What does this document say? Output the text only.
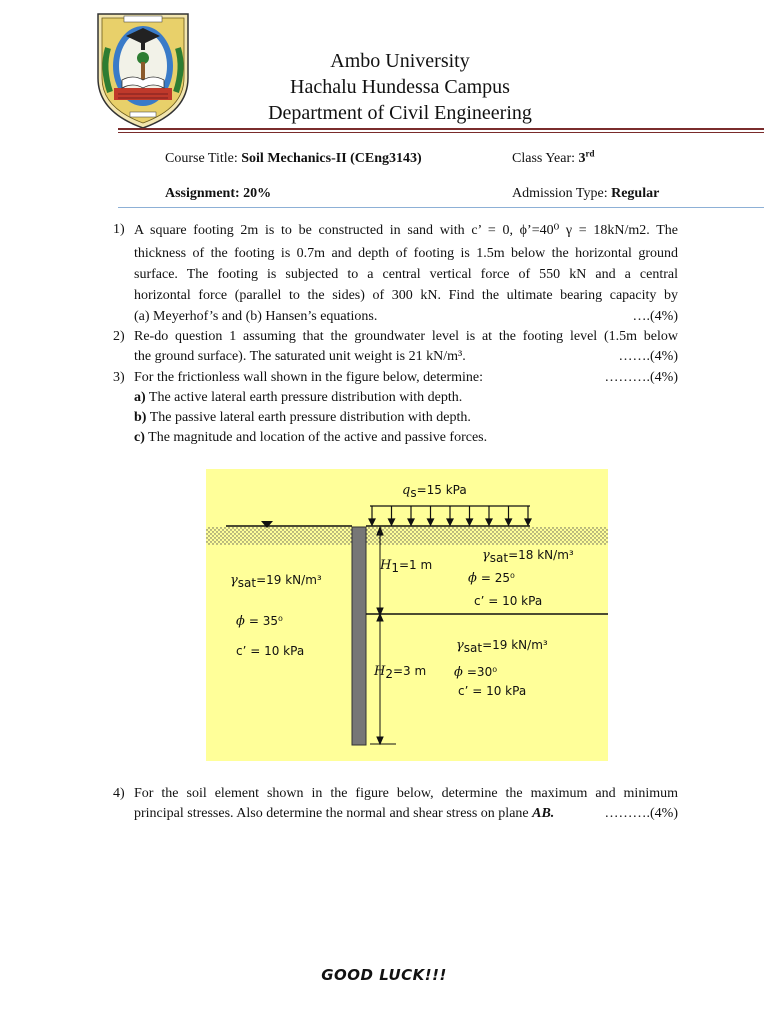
Ambo University
Hachalu Hundessa Campus
Department of Civil Engineering
Course Title: Soil Mechanics-II (CEng3143)	Class Year: 3rd
Assignment: 20%	Admission Type: Regular
1) A square footing 2m is to be constructed in sand with c’ = 0, ϕ’=40⁰ γ = 18kN/m2. The
thickness of the footing is 0.7m and depth of footing is 1.5m below the horizontal ground
surface. The footing is subjected to a central vertical force of 550 kN and a central
horizontal force (parallel to the sides) of 300 kN. Find the ultimate bearing capacity by
(a) Meyerhof’s and (b) Hansen’s equations.	….(4%)
2) Re-do question 1 assuming that the groundwater level is at the footing level (1.5m below
the ground surface). The saturated unit weight is 21 kN/m³.	…….(4%)
3) For the frictionless wall shown in the figure below, determine:	……….(4%)
a) The active lateral earth pressure distribution with depth.
b) The passive lateral earth pressure distribution with depth.
c) The magnitude and location of the active and passive forces.
qs=15 kPa
γsat=19 kN/m³
ϕ = 35⁰
c’ = 10 kPa
H1=1 m
γsat=18 kN/m³
ϕ = 25⁰
c’ = 10 kPa
H2=3 m
γsat=19 kN/m³
ϕ =30⁰
c’ = 10 kPa
4) For the soil element shown in the figure below, determine the maximum and minimum
principal stresses. Also determine the normal and shear stress on plane AB.	……….(4%)
GOOD LUCK!!!
